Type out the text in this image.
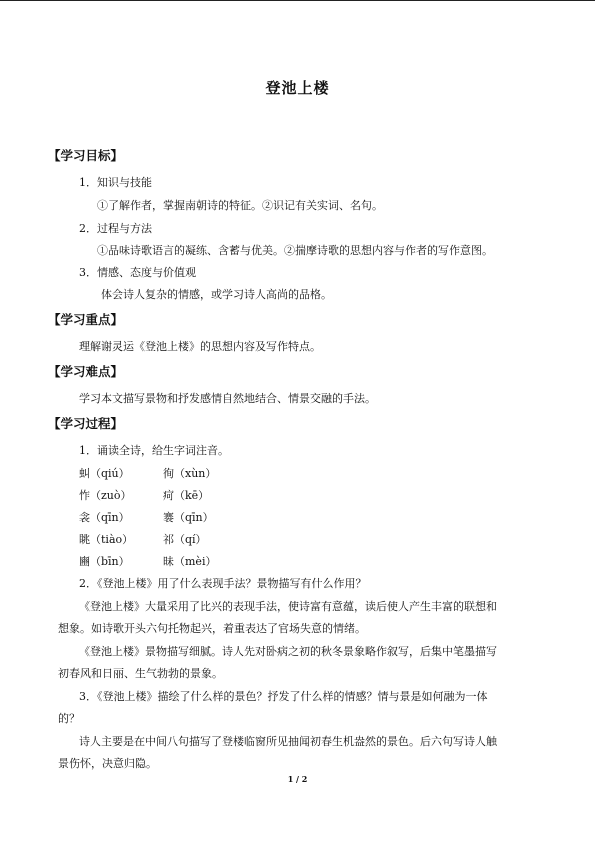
登池上楼
【学习目标】
1．知识与技能
①了解作者，掌握南朝诗的特征。②识记有关实词、名句。
2．过程与方法
①品味诗歌语言的凝练、含蓄与优美。②揣摩诗歌的思想内容与作者的写作意图。
3．情感、态度与价值观
体会诗人复杂的情感，或学习诗人高尚的品格。
【学习重点】
理解谢灵运《登池上楼》的思想内容及写作特点。
【学习难点】
学习本文描写景物和抒发感情自然地结合、情景交融的手法。
【学习过程】
1．诵读全诗，给生字词注音。
虯（qiú）	徇（xùn）
怍（zuò）	疴（kē）
衾（qīn）	褰（qīn）
眺（tiào）	祁（qí）
豳（bīn）	昧（mèi）
2．《登池上楼》用了什么表现手法？景物描写有什么作用？
《登池上楼》大量采用了比兴的表现手法，使诗富有意蕴，读后使人产生丰富的联想和
想象。如诗歌开头六句托物起兴，着重表达了官场失意的情绪。
《登池上楼》景物描写细腻。诗人先对卧病之初的秋冬景象略作叙写，后集中笔墨描写
初春风和日丽、生气勃勃的景象。
3．《登池上楼》描绘了什么样的景色？抒发了什么样的情感？情与景是如何融为一体
的？
诗人主要是在中间八句描写了登楼临窗所见抽闻初春生机盎然的景色。后六句写诗人触
景伤怀，决意归隐。
1 / 2
